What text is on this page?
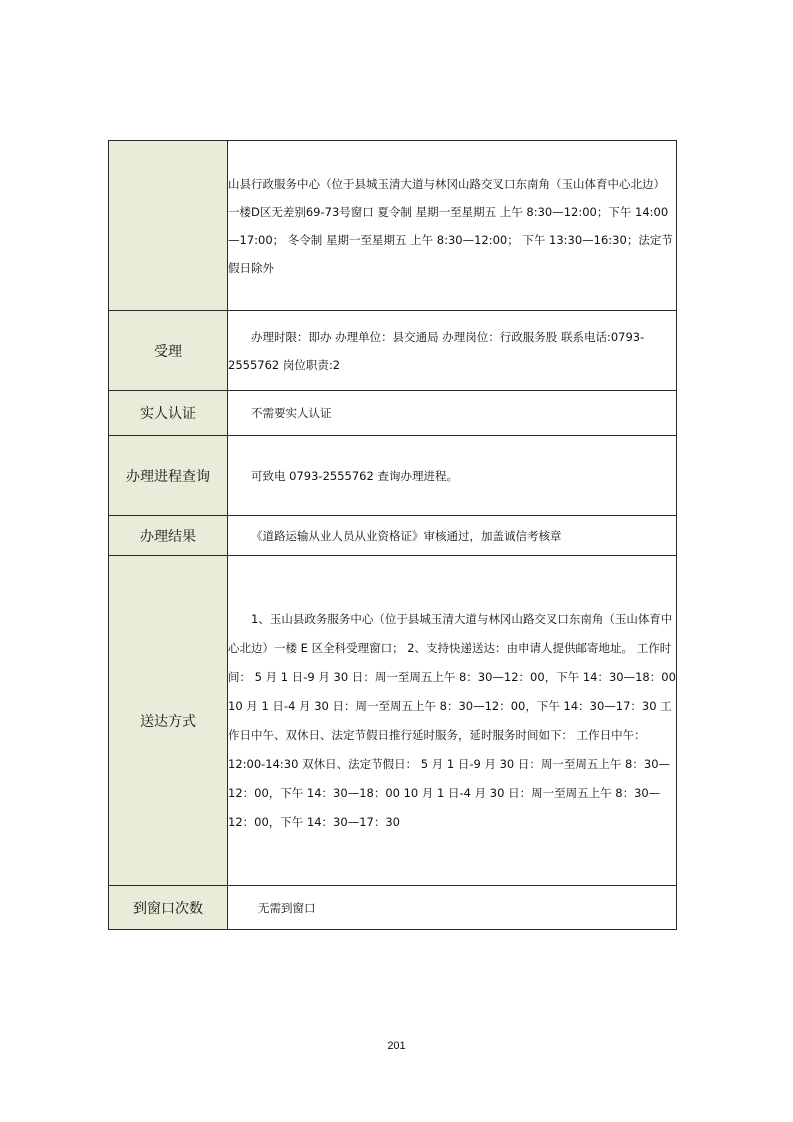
	山县行政服务中心（位于县城玉清大道与林冈山路交叉口东南角（玉山体育中心北边）一楼D区无差别69-73号窗口 夏令制 星期一至星期五 上午 8:30—12:00；下午 14:00—17:00； 冬令制 星期一至星期五 上午 8:30—12:00； 下午 13:30—16:30；法定节假日除外

受理	办理时限：即办 办理单位：县交通局 办理岗位：行政服务股 联系电话:0793-2555762 岗位职责:2

实人认证	不需要实人认证

办理进程查询	可致电 0793-2555762 查询办理进程。

办理结果	《道路运输从业人员从业资格证》审核通过，加盖诚信考核章

送达方式	1、玉山县政务服务中心（位于县城玉清大道与林冈山路交叉口东南角（玉山体育中心北边）一楼 E 区全科受理窗口； 2、支持快递送达：由申请人提供邮寄地址。 工作时间： 5 月 1 日-9 月 30 日：周一至周五上午 8：30—12：00，下午 14：30—18：00 10 月 1 日-4 月 30 日：周一至周五上午 8：30—12：00，下午 14：30—17：30 工作日中午、双休日、法定节假日推行延时服务，延时服务时间如下： 工作日中午：12:00-14:30 双休日、法定节假日： 5 月 1 日-9 月 30 日：周一至周五上午 8：30—12：00，下午 14：30—18：00 10 月 1 日-4 月 30 日：周一至周五上午 8：30—12：00，下午 14：30—17：30

到窗口次数	无需到窗口
201
